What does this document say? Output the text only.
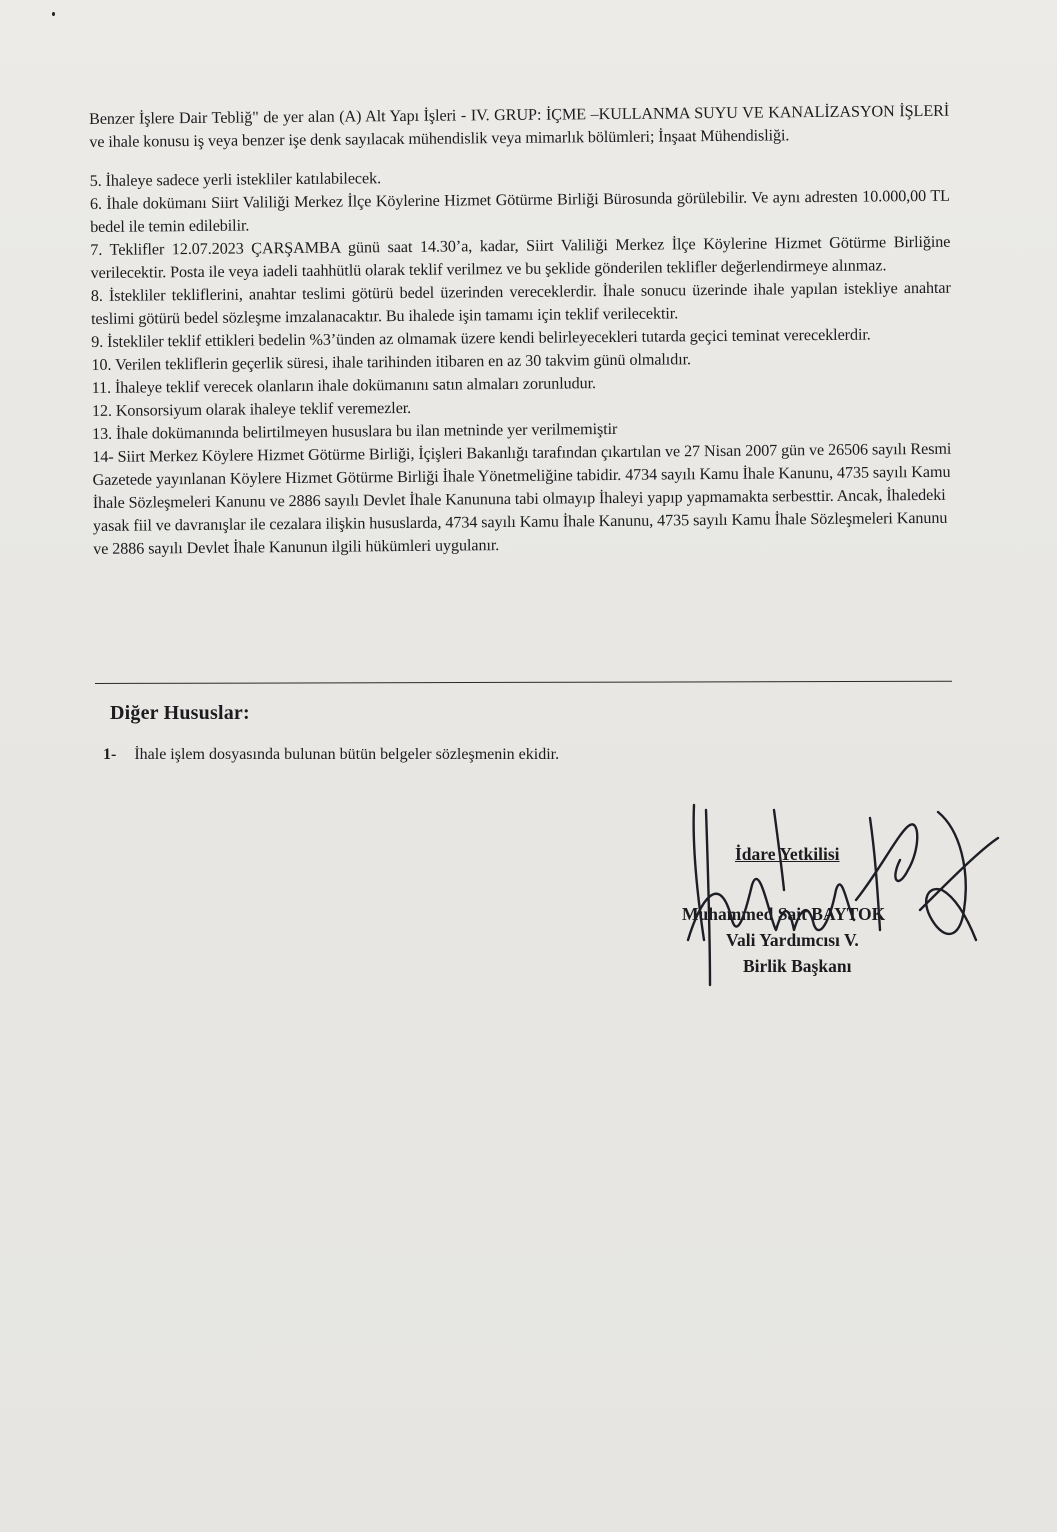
Benzer İşlere Dair Tebliğ" de yer alan (A) Alt Yapı İşleri - IV. GRUP: İÇME –KULLANMA SUYU VE KANALİZASYON İŞLERİ ve ihale konusu iş veya benzer işe denk sayılacak mühendislik veya mimarlık bölümleri; İnşaat Mühendisliği.

5. İhaleye sadece yerli istekliler katılabilecek.

6. İhale dokümanı Siirt Valiliği Merkez İlçe Köylerine Hizmet Götürme Birliği Bürosunda görülebilir. Ve aynı adresten 10.000,00 TL bedel ile temin edilebilir.

7. Teklifler 12.07.2023 ÇARŞAMBA günü saat 14.30’a, kadar, Siirt Valiliği Merkez İlçe Köylerine Hizmet Götürme Birliğine verilecektir. Posta ile veya iadeli taahhütlü olarak teklif verilmez ve bu şeklide gönderilen teklifler değerlendirmeye alınmaz.

8. İstekliler tekliflerini, anahtar teslimi götürü bedel üzerinden vereceklerdir. İhale sonucu üzerinde ihale yapılan istekliye anahtar teslimi götürü bedel sözleşme imzalanacaktır. Bu ihalede işin tamamı için teklif verilecektir.

9. İstekliler teklif ettikleri bedelin %3’ünden az olmamak üzere kendi belirleyecekleri tutarda geçici teminat vereceklerdir.

10. Verilen tekliflerin geçerlik süresi, ihale tarihinden itibaren en az 30 takvim günü olmalıdır.

11. İhaleye teklif verecek olanların ihale dokümanını satın almaları zorunludur.

12. Konsorsiyum olarak ihaleye teklif veremezler.

13. İhale dokümanında belirtilmeyen hususlara bu ilan metninde yer verilmemiştir

14- Siirt Merkez Köylere Hizmet Götürme Birliği, İçişleri Bakanlığı tarafından çıkartılan ve 27 Nisan 2007 gün ve 26506 sayılı Resmi Gazetede yayınlanan Köylere Hizmet Götürme Birliği İhale Yönetmeliğine tabidir. 4734 sayılı Kamu İhale Kanunu, 4735 sayılı Kamu İhale Sözleşmeleri Kanunu ve 2886 sayılı Devlet İhale Kanununa tabi olmayıp İhaleyi yapıp yapmamakta serbesttir. Ancak, İhaledeki yasak fiil ve davranışlar ile cezalara ilişkin hususlarda, 4734 sayılı Kamu İhale Kanunu, 4735 sayılı Kamu İhale Sözleşmeleri Kanunu ve 2886 sayılı Devlet İhale Kanunun ilgili hükümleri uygulanır.

Diğer Hususlar:
1- İhale işlem dosyasında bulunan bütün belgeler sözleşmenin ekidir.
İdare Yetkilisi
Muhammed Sait BAYTOK
Vali Yardımcısı V.
Birlik Başkanı
